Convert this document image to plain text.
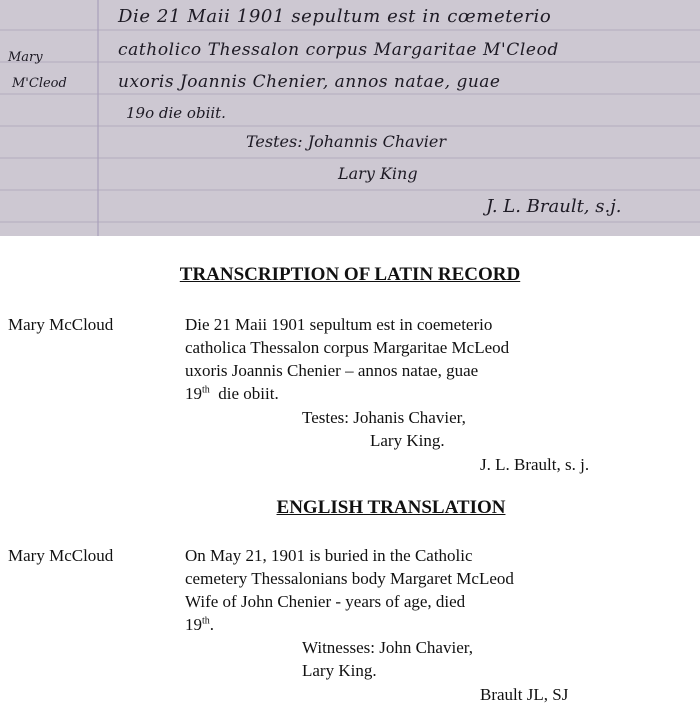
Mary
M'Cleod
Die 21 Maii 1901 sepultum est in cœmeterio
catholico Thessalon corpus Margaritae M'Cleod
uxoris Joannis Chenier, annos natae, guae
19o die obiit.
Testes: Johannis Chavier
Lary King
J. L. Brault, s.j.
TRANSCRIPTION OF LATIN RECORD
Mary McCloud	Die 21 Maii 1901 sepultum est in coemeterio
catholica Thessalon corpus Margaritae McLeod
uxoris Joannis Chenier – annos natae, guae
19th  die obiit.
Testes: Johanis Chavier,
Lary King.
J. L. Brault, s. j.
ENGLISH TRANSLATION
Mary McCloud	On May 21, 1901 is buried in the Catholic
cemetery Thessalonians body Margaret McLeod
Wife of John Chenier - years of age, died
19th.
Witnesses: John Chavier,
Lary King.
Brault JL, SJ
